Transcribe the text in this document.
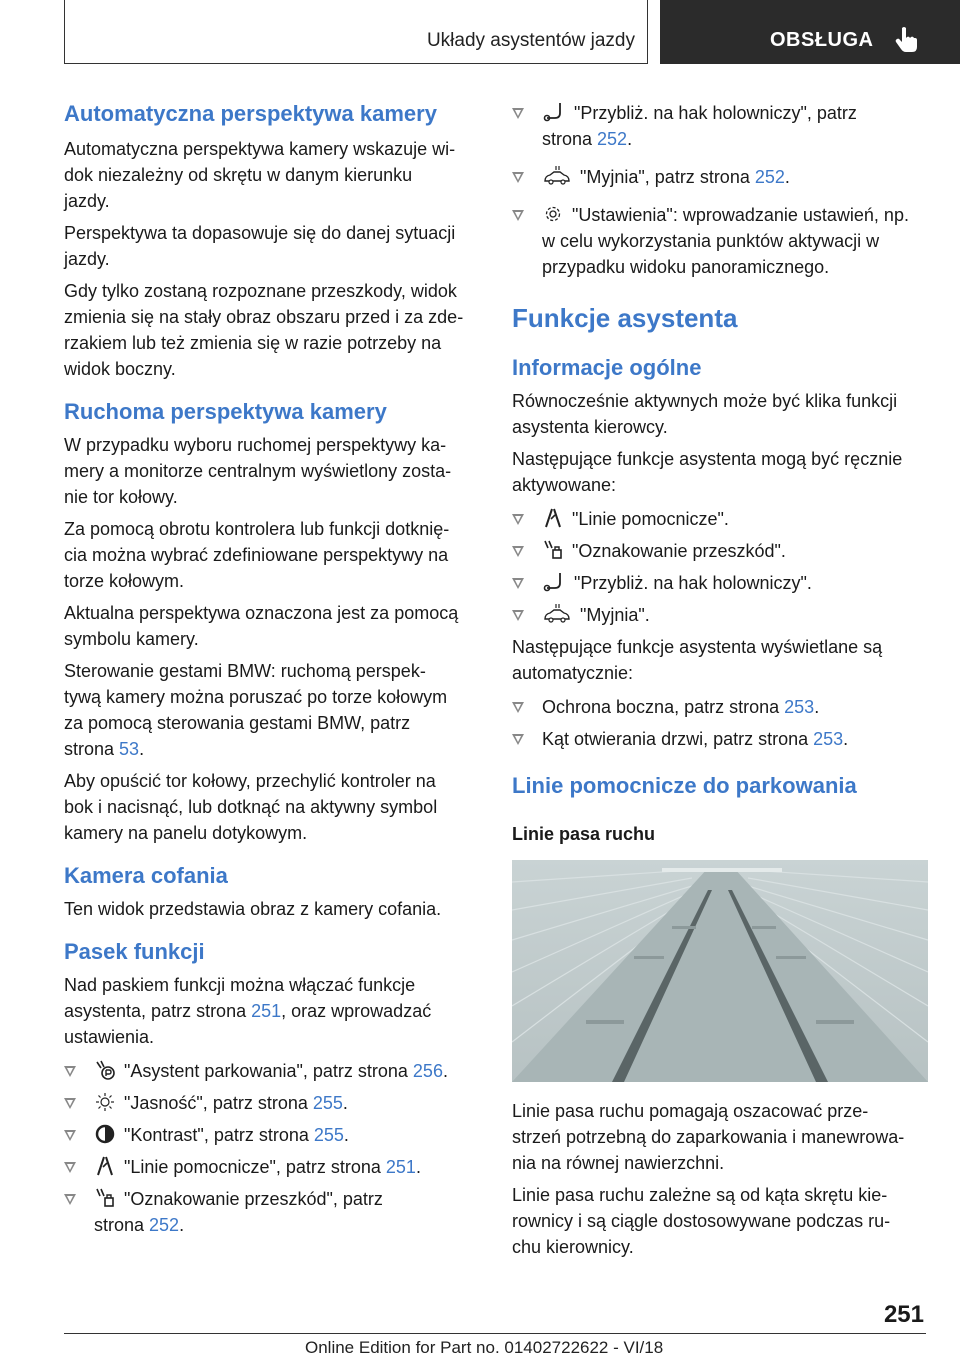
Układy asystentów jazdy	OBSŁUGA
Automatyczna perspektywa kamery

Automatyczna perspektywa kamery wskazuje wi-
dok niezależny od skrętu w danym kierunku
jazdy.

Perspektywa ta dopasowuje się do danej sytuacji
jazdy.

Gdy tylko zostaną rozpoznane przeszkody, widok
zmienia się na stały obraz obszaru przed i za zde-
rzakiem lub też zmienia się w razie potrzeby na
widok boczny.

Ruchoma perspektywa kamery

W przypadku wyboru ruchomej perspektywy ka-
mery a monitorze centralnym wyświetlony zosta-
nie tor kołowy.

Za pomocą obrotu kontrolera lub funkcji dotknię-
cia można wybrać zdefiniowane perspektywy na
torze kołowym.

Aktualna perspektywa oznaczona jest za pomocą
symbolu kamery.

Sterowanie gestami BMW: ruchomą perspek-
tywą kamery można poruszać po torze kołowym
za pomocą sterowania gestami BMW, patrz
strona 53.

Aby opuścić tor kołowy, przechylić kontroler na
bok i nacisnąć, lub dotknąć na aktywny symbol
kamery na panelu dotykowym.

Kamera cofania

Ten widok przedstawia obraz z kamery cofania.

Pasek funkcji

Nad paskiem funkcji można włączać funkcje
asystenta, patrz strona 251, oraz wprowadzać
ustawienia.

"Asystent parkowania", patrz strona 256.

"Jasność", patrz strona 255.

"Kontrast", patrz strona 255.

"Linie pomocnicze", patrz strona 251.

"Oznakowanie przeszkód", patrz
strona 252.

"Przybliż. na hak holowniczy", patrz
strona 252.

"Myjnia", patrz strona 252.

"Ustawienia": wprowadzanie ustawień, np.
w celu wykorzystania punktów aktywacji w
przypadku widoku panoramicznego.

Funkcje asystenta
Informacje ogólne

Równocześnie aktywnych może być klika funkcji
asystenta kierowcy.

Następujące funkcje asystenta mogą być ręcznie
aktywowane:

"Linie pomocnicze".

"Oznakowanie przeszkód".

"Przybliż. na hak holowniczy".

"Myjnia".

Następujące funkcje asystenta wyświetlane są
automatycznie:

Ochrona boczna, patrz strona 253.

Kąt otwierania drzwi, patrz strona 253.

Linie pomocnicze do parkowania
Linie pasa ruchu

Linie pasa ruchu pomagają oszacować prze-
strzeń potrzebną do zaparkowania i manewrowa-
nia na równej nawierzchni.

Linie pasa ruchu zależne są od kąta skrętu kie-
rownicy i są ciągle dostosowywane podczas ru-
chu kierownicy.

251
Online Edition for Part no. 01402722622 - VI/18
